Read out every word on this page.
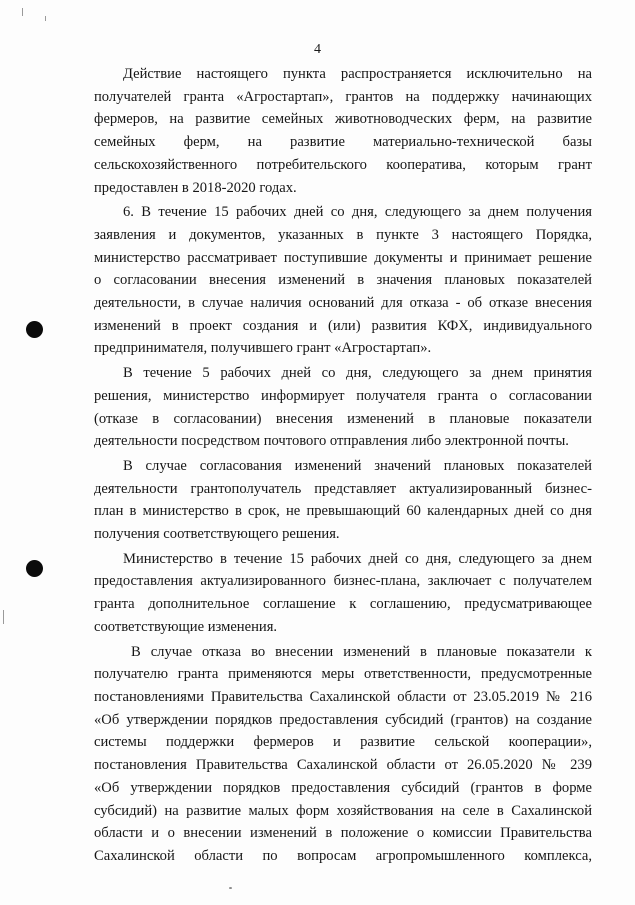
4
Действие настоящего пункта распространяется исключительно на
получателей гранта «Агростартап», грантов на поддержку начинающих
фермеров, на развитие семейных животноводческих ферм, на развитие
семейных ферм, на развитие материально-технической базы
сельскохозяйственного потребительского кооператива, которым грант
предоставлен в 2018-2020 годах.
6. В течение 15 рабочих дней со дня, следующего за днем получения
заявления и документов, указанных в пункте 3 настоящего Порядка,
министерство рассматривает поступившие документы и принимает решение
о согласовании внесения изменений в значения плановых показателей
деятельности, в случае наличия оснований для отказа - об отказе внесения
изменений в проект создания и (или) развития КФХ, индивидуального
предпринимателя, получившего грант «Агростартап».
В течение 5 рабочих дней со дня, следующего за днем принятия
решения, министерство информирует получателя гранта о согласовании
(отказе в согласовании) внесения изменений в плановые показатели
деятельности посредством почтового отправления либо электронной почты.
В случае согласования изменений значений плановых показателей
деятельности грантополучатель представляет актуализированный бизнес-
план в министерство в срок, не превышающий 60 календарных дней со дня
получения соответствующего решения.
Министерство в течение 15 рабочих дней со дня, следующего за днем
предоставления актуализированного бизнес-плана, заключает с получателем
гранта дополнительное соглашение к соглашению, предусматривающее
соответствующие изменения.
В случае отказа во внесении изменений в плановые показатели к
получателю гранта применяются меры ответственности, предусмотренные
постановлениями Правительства Сахалинской области от 23.05.2019 № 216
«Об утверждении порядков предоставления субсидий (грантов) на создание
системы поддержки фермеров и развитие сельской кооперации»,
постановления Правительства Сахалинской области от 26.05.2020 № 239
«Об утверждении порядков предоставления субсидий (грантов в форме
субсидий) на развитие малых форм хозяйствования на селе в Сахалинской
области и о внесении изменений в положение о комиссии Правительства
Сахалинской области по вопросам агропромышленного комплекса,
